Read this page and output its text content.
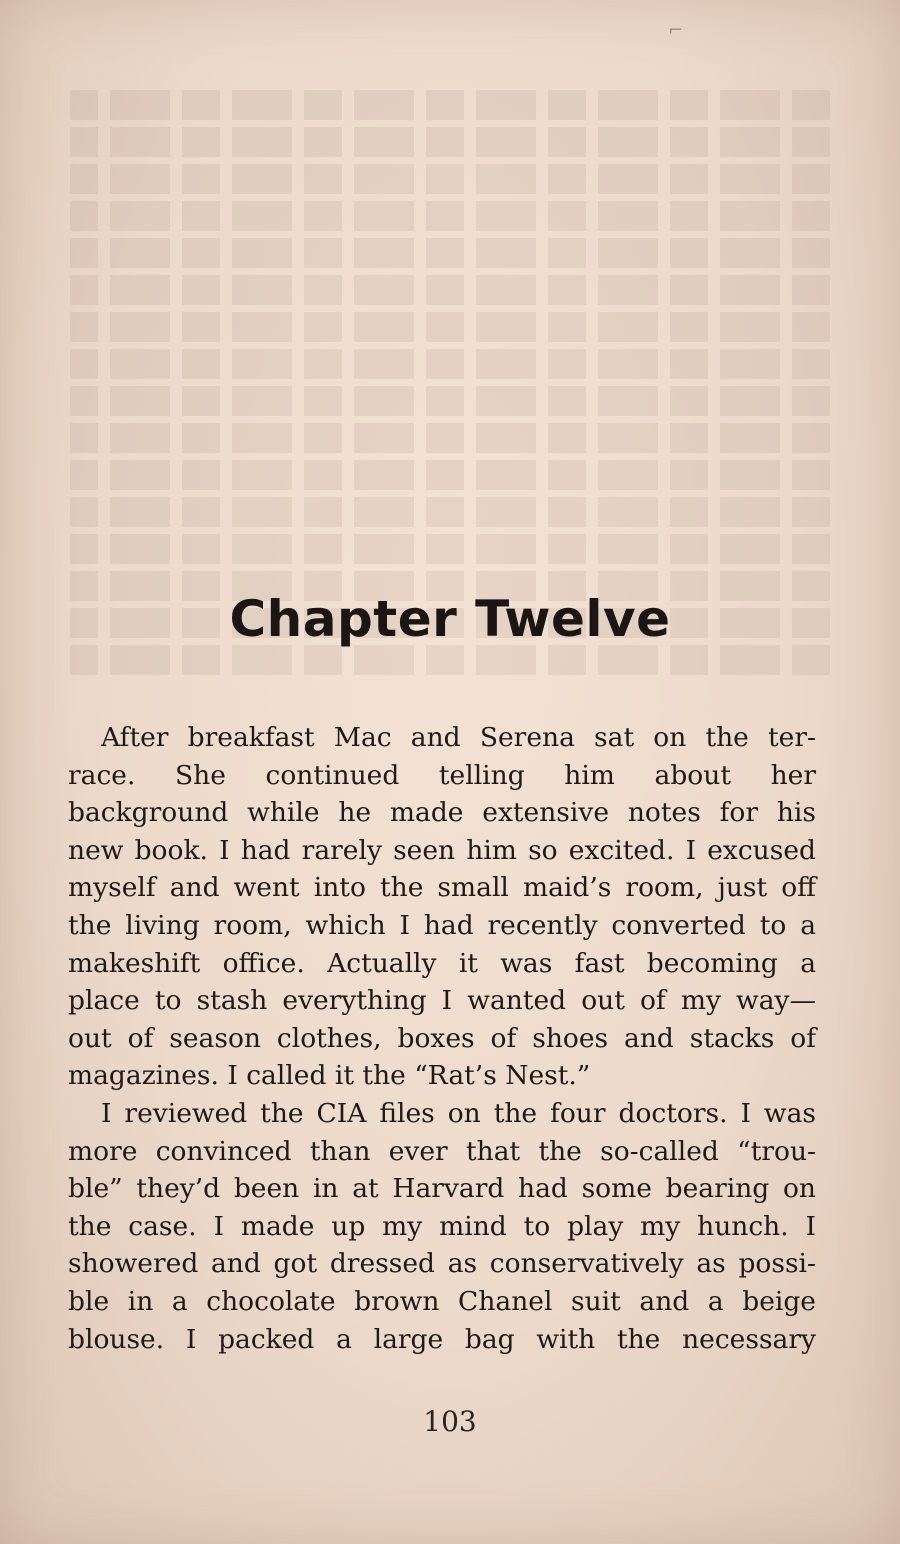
⌐
Chapter Twelve
After breakfast Mac and Serena sat on the ter-
race. She continued telling him about her
background while he made extensive notes for his
new book. I had rarely seen him so excited. I excused
myself and went into the small maid’s room, just off
the living room, which I had recently converted to a
makeshift office. Actually it was fast becoming a
place to stash everything I wanted out of my way—
out of season clothes, boxes of shoes and stacks of
magazines. I called it the “Rat’s Nest.”
I reviewed the CIA files on the four doctors. I was
more convinced than ever that the so-called “trou-
ble” they’d been in at Harvard had some bearing on
the case. I made up my mind to play my hunch. I
showered and got dressed as conservatively as possi-
ble in a chocolate brown Chanel suit and a beige
blouse. I packed a large bag with the necessary
103
